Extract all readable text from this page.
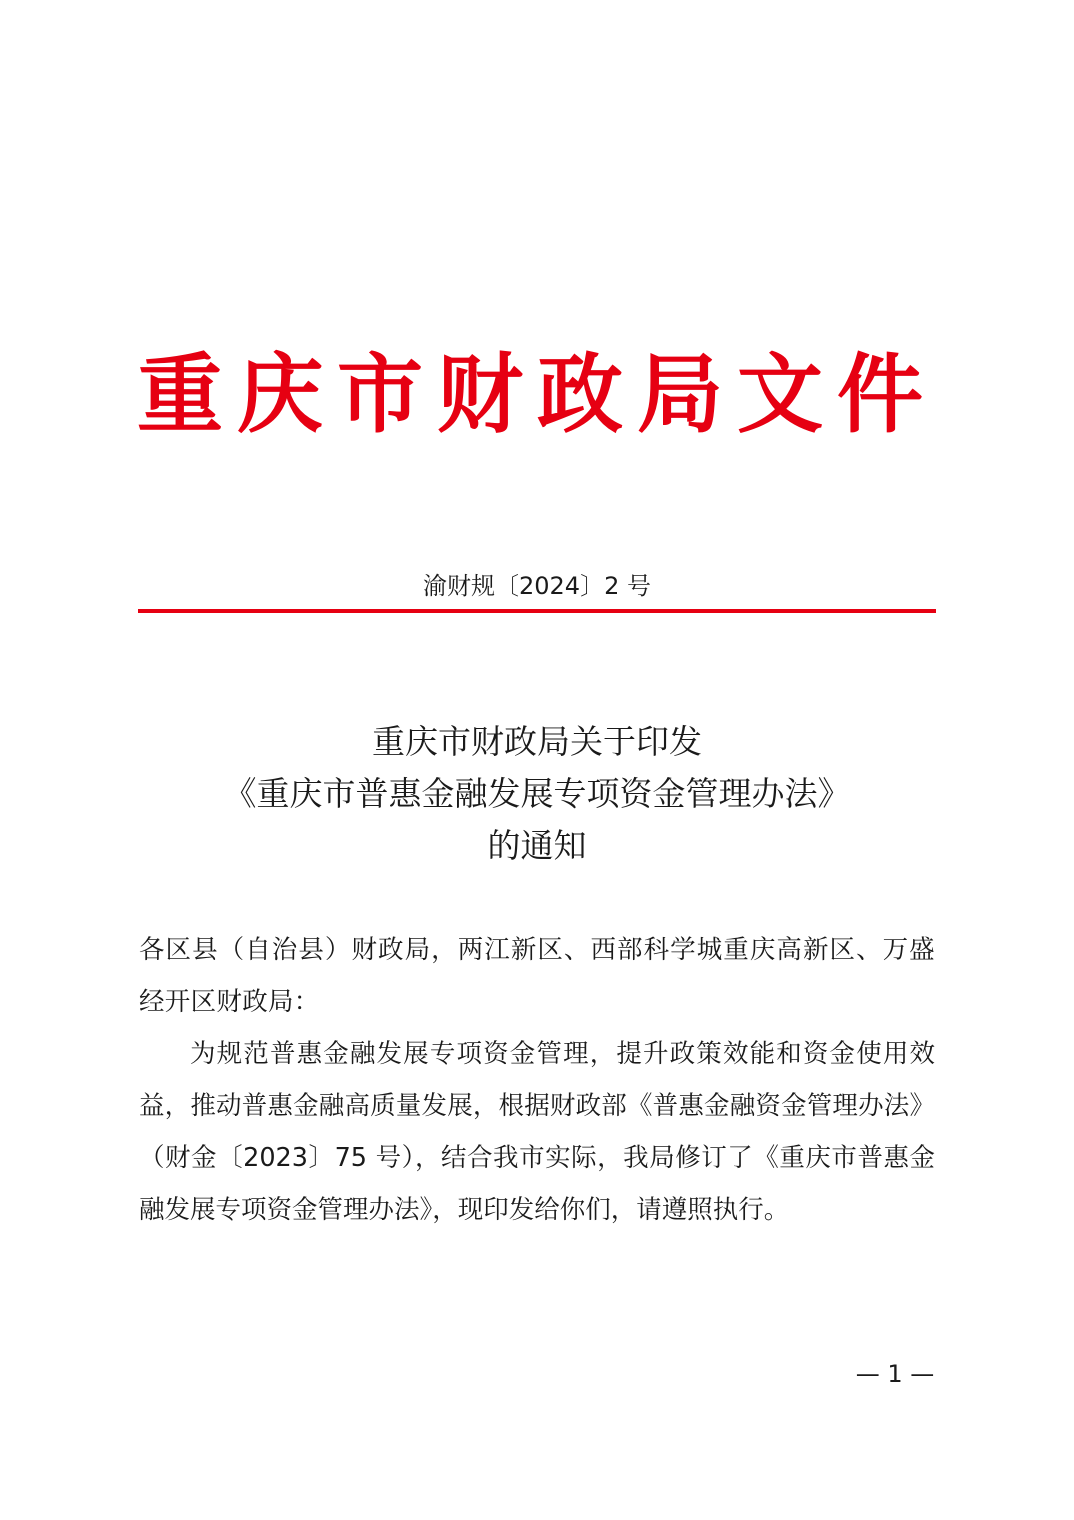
重庆市财政局文件
渝财规〔2024〕2 号
重庆市财政局关于印发
《重庆市普惠金融发展专项资金管理办法》
的通知

各区县（自治县）财政局，两江新区、西部科学城重庆高新区、万盛经开区财政局：

为规范普惠金融发展专项资金管理，提升政策效能和资金使用效益，推动普惠金融高质量发展，根据财政部《普惠金融资金管理办法》（财金〔2023〕75 号），结合我市实际，我局修订了《重庆市普惠金融发展专项资金管理办法》，现印发给你们，请遵照执行。

— 1 —
